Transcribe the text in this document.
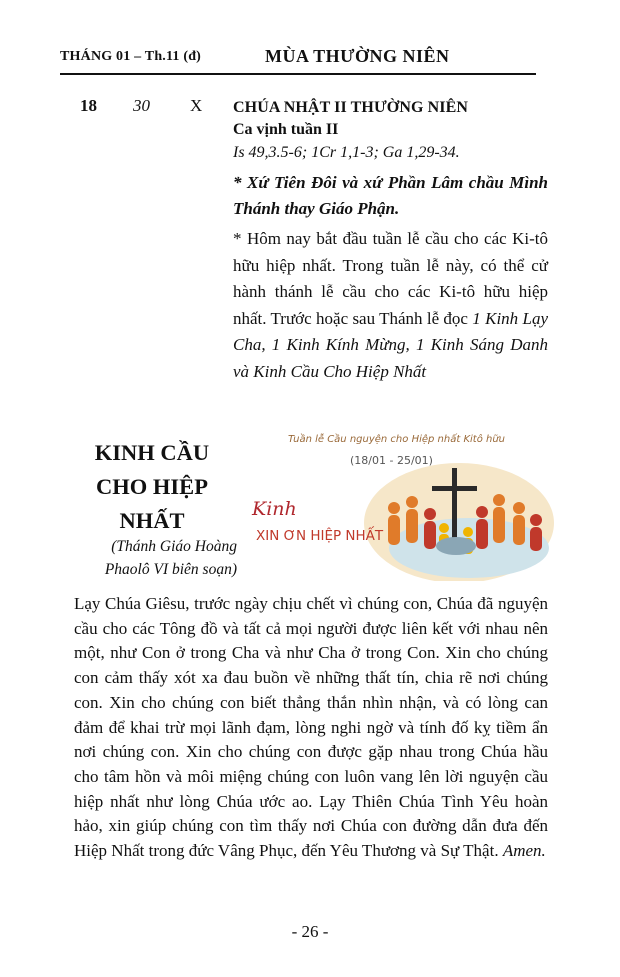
THÁNG 01 – Th.11 (đ)	MÙA THƯỜNG NIÊN
18 30 X CHÚA NHẬT II THƯỜNG NIÊN
Ca vịnh tuần II
Is 49,3.5-6; 1Cr 1,1-3; Ga 1,29-34.
* Xứ Tiên Đôi và xứ Phần Lâm chầu Mình Thánh thay Giáo Phận.
* Hôm nay bắt đầu tuần lễ cầu cho các Ki-tô hữu hiệp nhất. Trong tuần lễ này, có thể cử hành thánh lễ cầu cho các Ki-tô hữu hiệp nhất. Trước hoặc sau Thánh lễ đọc 1 Kinh Lạy Cha, 1 Kinh Kính Mừng, 1 Kinh Sáng Danh và Kinh Cầu Cho Hiệp Nhất
KINH CẦU
CHO HIỆP
NHẤT
(Thánh Giáo Hoàng
Phaolô VI biên soạn)
Tuần lễ Cầu nguyện cho Hiệp nhất Kitô hữu
(18/01 - 25/01)
Kinh
XIN ƠN HIỆP NHẤT
Lạy Chúa Giêsu, trước ngày chịu chết vì chúng con, Chúa đã nguyện cầu cho các Tông đồ và tất cả mọi người được liên kết với nhau nên một, như Con ở trong Cha và như Cha ở trong Con. Xin cho chúng con cảm thấy xót xa đau buồn về những thất tín, chia rẽ nơi chúng con. Xin cho chúng con biết thẳng thắn nhìn nhận, và có lòng can đảm để khai trừ mọi lãnh đạm, lòng nghi ngờ và tính đố kỵ tiềm ẩn nơi chúng con. Xin cho chúng con được gặp nhau trong Chúa hầu cho tâm hồn và môi miệng chúng con luôn vang lên lời nguyện cầu hiệp nhất như lòng Chúa ước ao. Lạy Thiên Chúa Tình Yêu hoàn hảo, xin giúp chúng con tìm thấy nơi Chúa con đường dẫn đưa đến Hiệp Nhất trong đức Vâng Phục, đến Yêu Thương và Sự Thật. Amen.
- 26 -
